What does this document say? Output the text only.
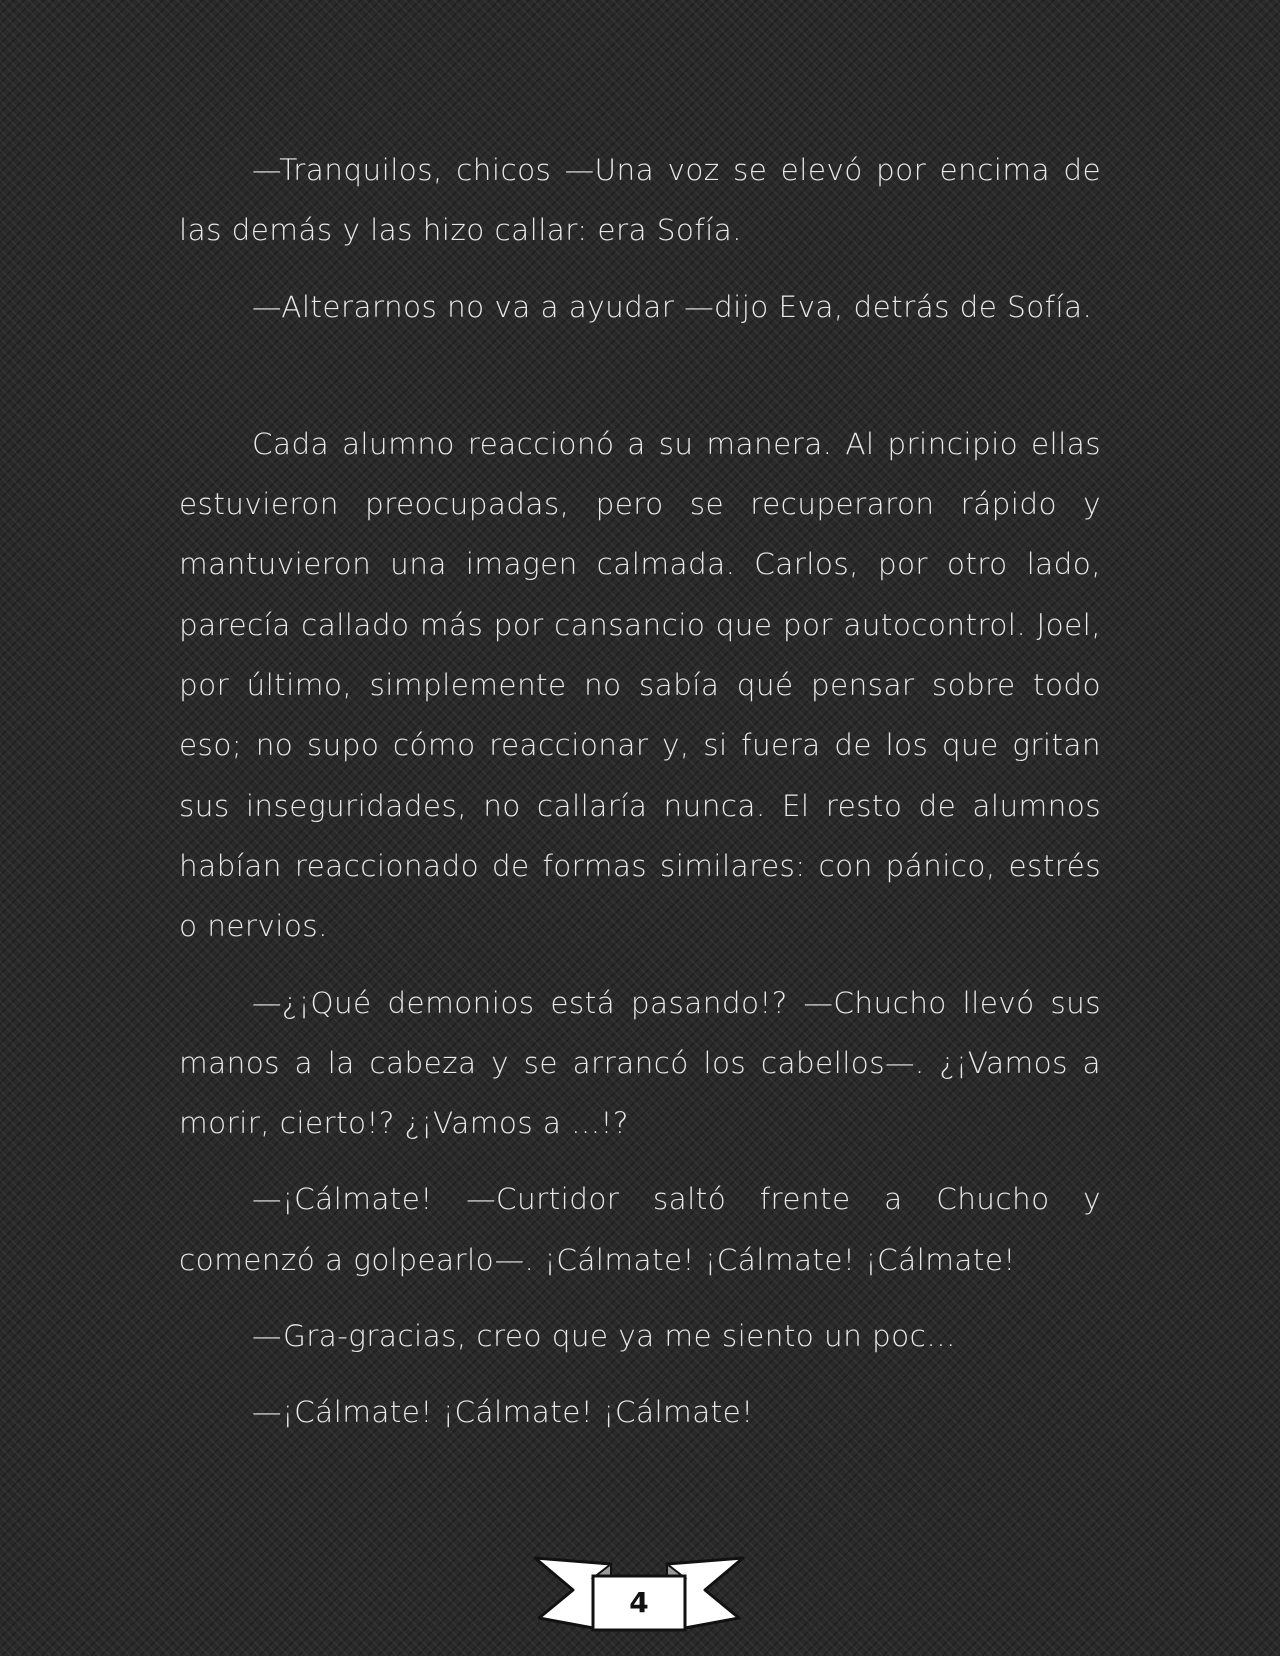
—Tranquilos, chicos —Una voz se elevó por encima de las demás y las hizo callar: era Sofía.

—Alterarnos no va a ayudar —dijo Eva, detrás de Sofía.

Cada alumno reaccionó a su manera. Al principio ellas estuvieron preocupadas, pero se recuperaron rápido y mantuvieron una imagen calmada. Carlos, por otro lado, parecía callado más por cansancio que por autocontrol. Joel, por último, simplemente no sabía qué pensar sobre todo eso; no supo cómo reaccionar y, si fuera de los que gritan sus inseguridades, no callaría nunca. El resto de alumnos habían reaccionado de formas similares: con pánico, estrés o nervios.

—¿¡Qué demonios está pasando!? —Chucho llevó sus manos a la cabeza y se arrancó los cabellos—. ¿¡Vamos a morir, cierto!? ¿¡Vamos a ...!?

—¡Cálmate! —Curtidor saltó frente a Chucho y comenzó a golpearlo—. ¡Cálmate! ¡Cálmate! ¡Cálmate!

—Gra-gracias, creo que ya me siento un poc…

—¡Cálmate! ¡Cálmate! ¡Cálmate!

4
